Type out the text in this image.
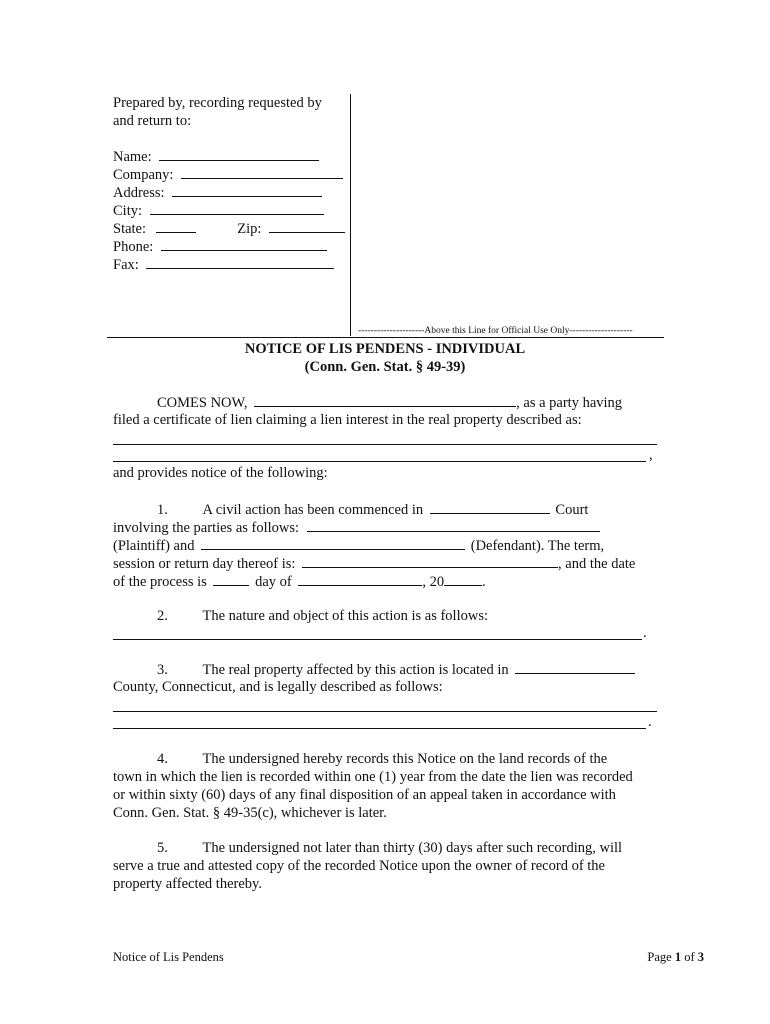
Prepared by, recording requested by
and return to:
Name:
Company:
Address:
City:
State:	Zip:
Phone:
Fax:
---------------------Above this Line for Official Use Only--------------------
NOTICE OF LIS PENDENS - INDIVIDUAL
(Conn. Gen. Stat. § 49-39)
COMES NOW,	, as a party having
filed a certificate of lien claiming a lien interest in the real property described as:
,
and provides notice of the following:
1. A civil action has been commenced in	Court
involving the parties as follows:
(Plaintiff) and	(Defendant). The term,
session or return day thereof is:	, and the date
of the process is	day of	, 20	.
2. The nature and object of this action is as follows:
.
3. The real property affected by this action is located in
County, Connecticut, and is legally described as follows:
.
4. The undersigned hereby records this Notice on the land records of the
town in which the lien is recorded within one (1) year from the date the lien was recorded
or within sixty (60) days of any final disposition of an appeal taken in accordance with
Conn. Gen. Stat. § 49-35(c), whichever is later.
5. The undersigned not later than thirty (30) days after such recording, will
serve a true and attested copy of the recorded Notice upon the owner of record of the
property affected thereby.
Notice of Lis Pendens	Page 1 of 3
